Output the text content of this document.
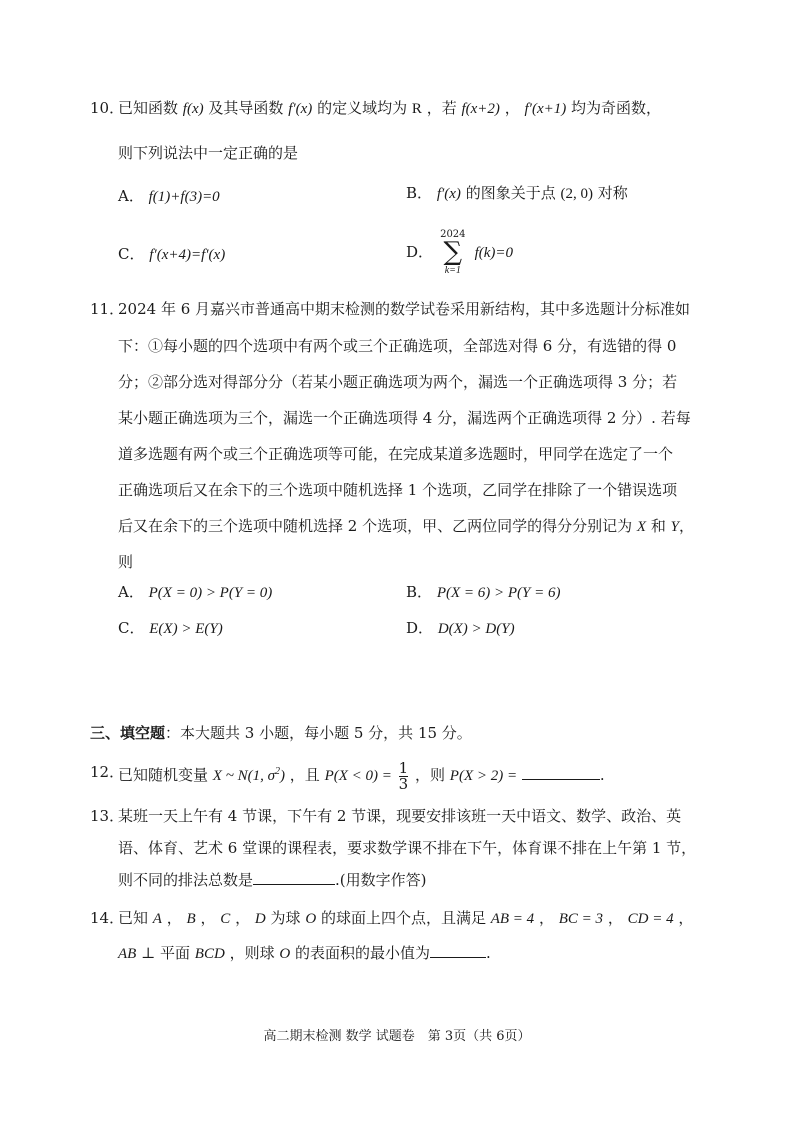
10．
已知函数 f(x) 及其导函数 f′(x) 的定义域均为 R ，若 f(x+2) ， f′(x+1) 均为奇函数，
则下列说法中一定正确的是
A． f(1)+f(3)=0	B． f′(x) 的图象关于点 (2, 0) 对称
C． f′(x+4)=f′(x)	D．
2024
∑
k=1
f(k)=0
11．
2024 年 6 月嘉兴市普通高中期末检测的数学试卷采用新结构，其中多选题计分标准如
下：①每小题的四个选项中有两个或三个正确选项，全部选对得 6 分，有选错的得 0
分；②部分选对得部分分（若某小题正确选项为两个，漏选一个正确选项得 3 分；若
某小题正确选项为三个，漏选一个正确选项得 4 分，漏选两个正确选项得 2 分）. 若每
道多选题有两个或三个正确选项等可能，在完成某道多选题时，甲同学在选定了一个
正确选项后又在余下的三个选项中随机选择 1 个选项，乙同学在排除了一个错误选项
后又在余下的三个选项中随机选择 2 个选项，甲、乙两位同学的得分分别记为 X 和 Y，
则
A． P(X = 0) > P(Y = 0)	B． P(X = 6) > P(Y = 6)
C． E(X) > E(Y)	D． D(X) > D(Y)
三、填空题：本大题共 3 小题，每小题 5 分，共 15 分。
12．
已知随机变量 X ~ N(1, $\sigma^2$) ，且 $P(X < 0) = \frac{1}{3}$ ，则 P(X > 2) =	.
13．
某班一天上午有 4 节课，下午有 2 节课，现要安排该班一天中语文、数学、政治、英
语、体育、艺术 6 堂课的课程表，要求数学课不排在下午，体育课不排在上午第 1 节，
则不同的排法总数是	.(用数字作答)
14．
已知 A ， B ， C ， D 为球 O 的球面上四个点，且满足 AB = 4 ， BC = 3 ， CD = 4 ，
AB ⊥ 平面 BCD ，则球 O 的表面积的最小值为	.
高二期末检测 数学 试题卷　第 3页（共 6页）
